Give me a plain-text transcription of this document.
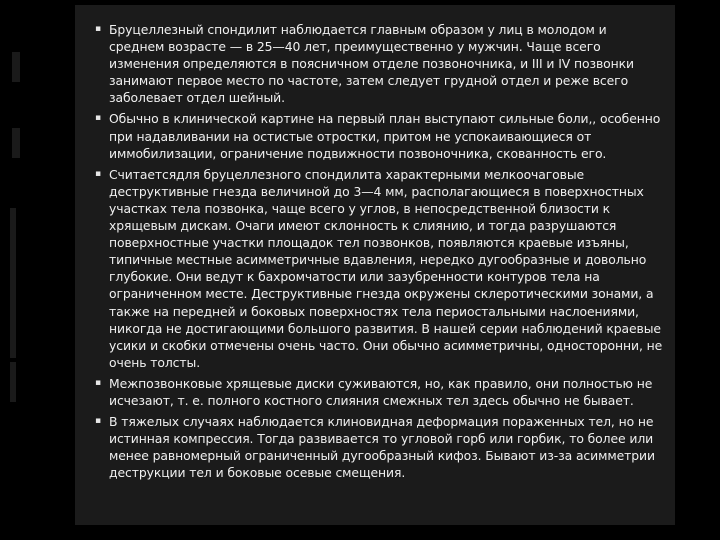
▪ Бруцеллезный спондилит наблюдается главным образом у лиц в молодом и среднем возрасте — в 25—40 лет, преимущественно у мужчин. Чаще всего изменения определяются в поясничном отделе позвоночника, и III и IV позвонки занимают первое место по частоте, затем следует грудной отдел и реже всего заболевает отдел шейный.
▪ Обычно в клинической картине на первый план выступают сильные боли,, особенно при надавливании на остистые отростки, притом не успокаивающиеся от иммобилизации, ограничение подвижности позвоночника, скованность его.
▪ Считаетсядля бруцеллезного спондилита характерными мелкоочаговые деструктивные гнезда величиной до 3—4 мм, располагающиеся в поверхностных участках тела позвонка, чаще всего у углов, в непосредственной близости к хрящевым дискам. Очаги имеют склонность к слиянию, и тогда разрушаются поверхностные участки площадок тел позвонков, появляются краевые изъяны, типичные местные асимметричные вдавления, нередко дугообразные и довольно глубокие. Они ведут к бахромчатости или зазубренности контуров тела на ограниченном месте. Деструктивные гнезда окружены склеротическими зонами, а также на передней и боковых поверхностях тела периостальными наслоениями, никогда не достигающими большого развития. В нашей серии наблюдений краевые усики и скобки отмечены очень часто. Они обычно асимметричны, односторонни, не очень толсты.
▪ Межпозвонковые хрящевые диски суживаются, но, как правило, они полностью не исчезают, т. е. полного костного слияния смежных тел здесь обычно не бывает.
▪ В тяжелых случаях наблюдается клиновидная деформация пораженных тел, но не истинная компрессия. Тогда развивается то угловой горб или горбик, то более или менее равномерный ограниченный дугообразный кифоз. Бывают из-за асимметрии деструкции тел и боковые осевые смещения.
